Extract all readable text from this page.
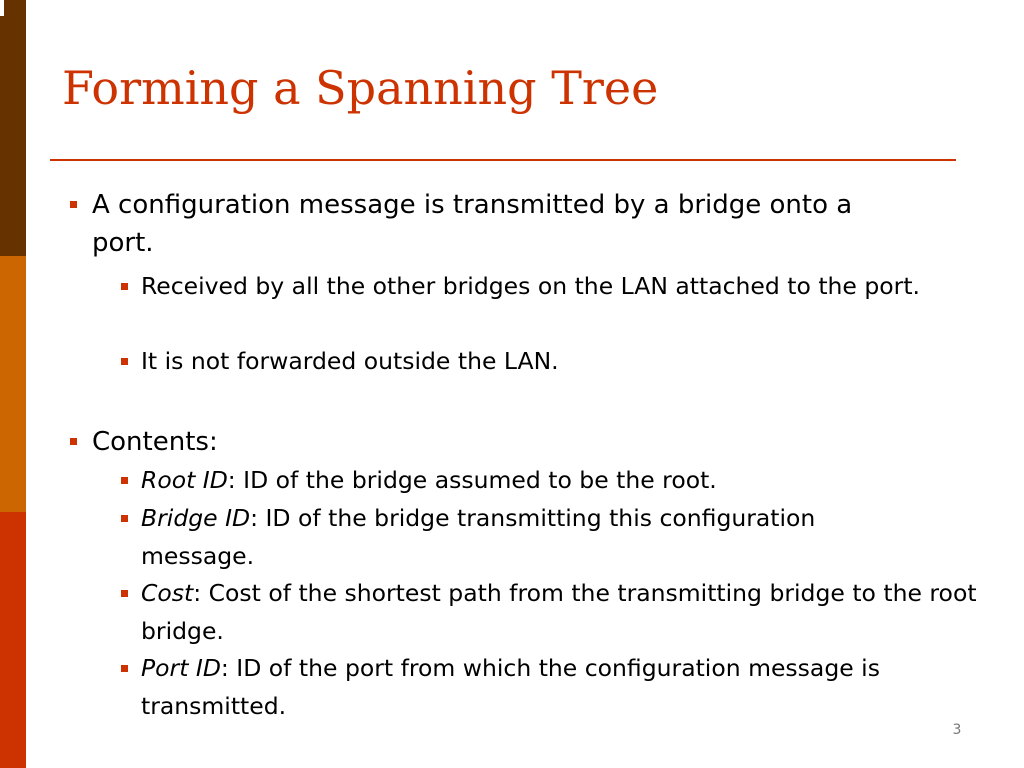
Forming a Spanning Tree
A configuration message is transmitted by a bridge onto a port.
Received by all the other bridges on the LAN attached to the port.
It is not forwarded outside the LAN.
Contents:
Root ID: ID of the bridge assumed to be the root.
Bridge ID: ID of the bridge transmitting this configuration message.
Cost: Cost of the shortest path from the transmitting bridge to the root bridge.
Port ID: ID of the port from which the configuration message is transmitted.
3
